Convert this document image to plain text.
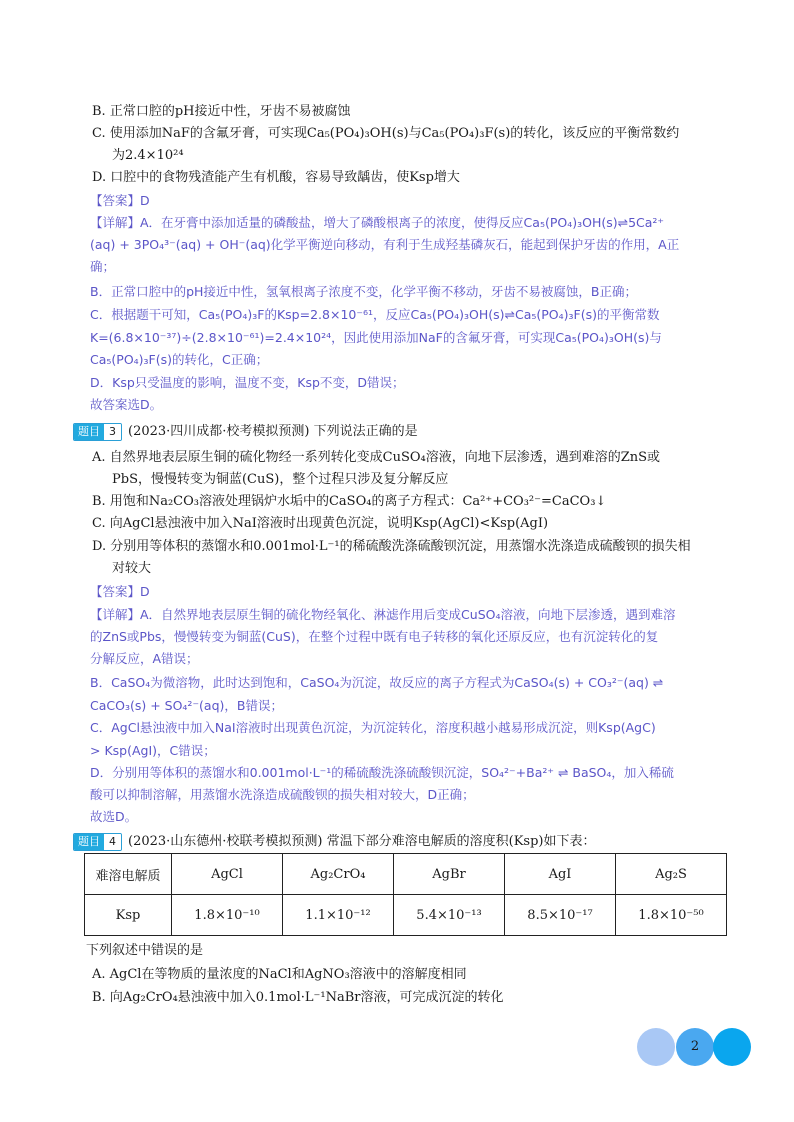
B. 正常口腔的pH接近中性，牙齿不易被腐蚀
C. 使用添加NaF的含氟牙膏，可实现Ca₅(PO₄)₃OH(s)与Ca₅(PO₄)₃F(s)的转化，该反应的平衡常数约
为2.4×10²⁴
D. 口腔中的食物残渣能产生有机酸，容易导致龋齿，使Ksp增大
【答案】D
【详解】A．在牙膏中添加适量的磷酸盐，增大了磷酸根离子的浓度，使得反应Ca₅(PO₄)₃OH(s)⇌5Ca²⁺
(aq) + 3PO₄³⁻(aq) + OH⁻(aq)化学平衡逆向移动，有利于生成羟基磷灰石，能起到保护牙齿的作用，A正
确；
B．正常口腔中的pH接近中性，氢氧根离子浓度不变，化学平衡不移动，牙齿不易被腐蚀，B正确；
C．根据题干可知，Ca₅(PO₄)₃F的Ksp=2.8×10⁻⁶¹，反应Ca₅(PO₄)₃OH(s)⇌Ca₅(PO₄)₃F(s)的平衡常数
K=(6.8×10⁻³⁷)÷(2.8×10⁻⁶¹)=2.4×10²⁴，因此使用添加NaF的含氟牙膏，可实现Ca₅(PO₄)₃OH(s)与
Ca₅(PO₄)₃F(s)的转化，C正确；
D．Ksp只受温度的影响，温度不变，Ksp不变，D错误；
故答案选D。
题目 3 (2023·四川成都·校考模拟预测) 下列说法正确的是
A. 自然界地表层原生铜的硫化物经一系列转化变成CuSO₄溶液，向地下层渗透，遇到难溶的ZnS或
PbS，慢慢转变为铜蓝(CuS)，整个过程只涉及复分解反应
B. 用饱和Na₂CO₃溶液处理锅炉水垢中的CaSO₄的离子方程式：Ca²⁺+CO₃²⁻=CaCO₃↓
C. 向AgCl悬浊液中加入NaI溶液时出现黄色沉淀，说明Ksp(AgCl)<Ksp(AgI)
D. 分别用等体积的蒸馏水和0.001mol·L⁻¹的稀硫酸洗涤硫酸钡沉淀，用蒸馏水洗涤造成硫酸钡的损失相
对较大
【答案】D
【详解】A．自然界地表层原生铜的硫化物经氧化、淋滤作用后变成CuSO₄溶液，向地下层渗透，遇到难溶
的ZnS或Pbs，慢慢转变为铜蓝(CuS)，在整个过程中既有电子转移的氧化还原反应，也有沉淀转化的复
分解反应，A错误；
B．CaSO₄为微溶物，此时达到饱和，CaSO₄为沉淀，故反应的离子方程式为CaSO₄(s) + CO₃²⁻(aq) ⇌
CaCO₃(s) + SO₄²⁻(aq)，B错误；
C．AgCl悬浊液中加入NaI溶液时出现黄色沉淀，为沉淀转化，溶度积越小越易形成沉淀，则Ksp(AgC)
> Ksp(AgI)，C错误；
D．分别用等体积的蒸馏水和0.001mol·L⁻¹的稀硫酸洗涤硫酸钡沉淀，SO₄²⁻+Ba²⁺ ⇌ BaSO₄，加入稀硫
酸可以抑制溶解，用蒸馏水洗涤造成硫酸钡的损失相对较大，D正确；
故选D。
题目 4 (2023·山东德州·校联考模拟预测) 常温下部分难溶电解质的溶度积(Ksp)如下表：
难溶电解质	AgCl	Ag₂CrO₄	AgBr	AgI	Ag₂S
Ksp	1.8×10⁻¹⁰	1.1×10⁻¹²	5.4×10⁻¹³	8.5×10⁻¹⁷	1.8×10⁻⁵⁰
下列叙述中错误的是
A. AgCl在等物质的量浓度的NaCl和AgNO₃溶液中的溶解度相同
B. 向Ag₂CrO₄悬浊液中加入0.1mol·L⁻¹NaBr溶液，可完成沉淀的转化
2
